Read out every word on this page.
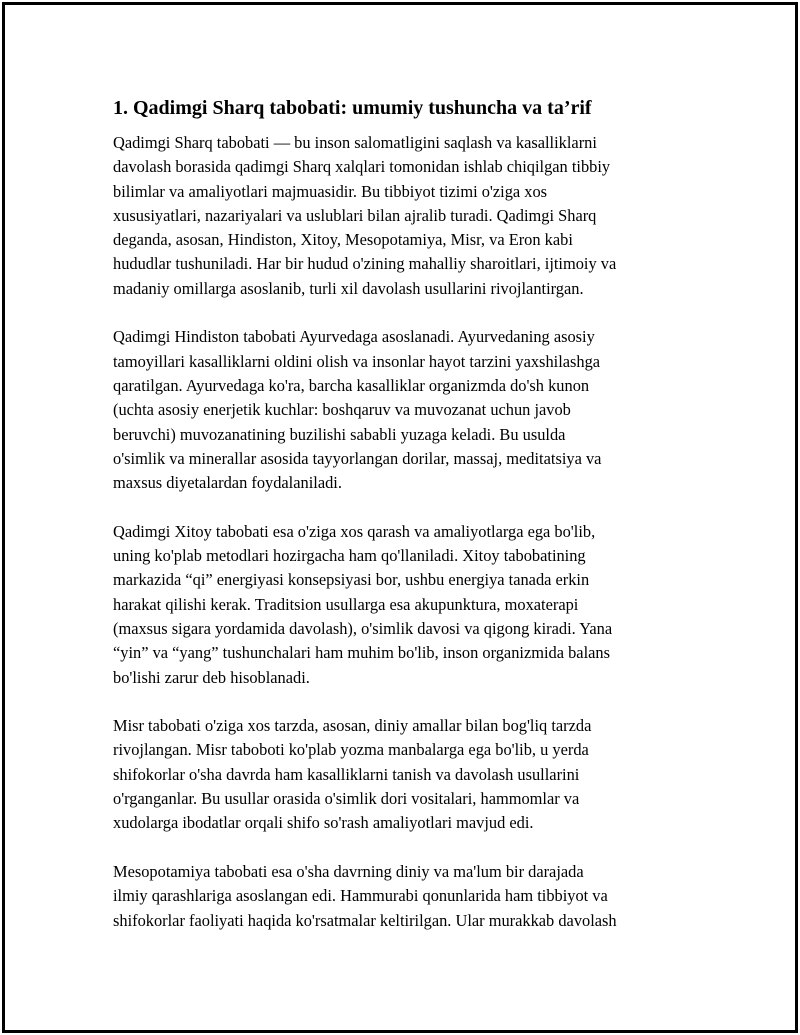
1. Qadimgi Sharq tabobati: umumiy tushuncha va ta’rif
Qadimgi Sharq tabobati — bu inson salomatligini saqlash va kasalliklarni
davolash borasida qadimgi Sharq xalqlari tomonidan ishlab chiqilgan tibbiy
bilimlar va amaliyotlari majmuasidir. Bu tibbiyot tizimi o'ziga xos
xususiyatlari, nazariyalari va uslublari bilan ajralib turadi. Qadimgi Sharq
deganda, asosan, Hindiston, Xitoy, Mesopotamiya, Misr, va Eron kabi
hududlar tushuniladi. Har bir hudud o'zining mahalliy sharoitlari, ijtimoiy va
madaniy omillarga asoslanib, turli xil davolash usullarini rivojlantirgan.
Qadimgi Hindiston tabobati Ayurvedaga asoslanadi. Ayurvedaning asosiy
tamoyillari kasalliklarni oldini olish va insonlar hayot tarzini yaxshilashga
qaratilgan. Ayurvedaga ko'ra, barcha kasalliklar organizmda do'sh kunon
(uchta asosiy enerjetik kuchlar: boshqaruv va muvozanat uchun javob
beruvchi) muvozanatining buzilishi sababli yuzaga keladi. Bu usulda
o'simlik va minerallar asosida tayyorlangan dorilar, massaj, meditatsiya va
maxsus diyetalardan foydalaniladi.
Qadimgi Xitoy tabobati esa o'ziga xos qarash va amaliyotlarga ega bo'lib,
uning ko'plab metodlari hozirgacha ham qo'llaniladi. Xitoy tabobatining
markazida “qi” energiyasi konsepsiyasi bor, ushbu energiya tanada erkin
harakat qilishi kerak. Traditsion usullarga esa akupunktura, moxaterapi
(maxsus sigara yordamida davolash), o'simlik davosi va qigong kiradi. Yana
“yin” va “yang” tushunchalari ham muhim bo'lib, inson organizmida balans
bo'lishi zarur deb hisoblanadi.
Misr tabobati o'ziga xos tarzda, asosan, diniy amallar bilan bog'liq tarzda
rivojlangan. Misr taboboti ko'plab yozma manbalarga ega bo'lib, u yerda
shifokorlar o'sha davrda ham kasalliklarni tanish va davolash usullarini
o'rganganlar. Bu usullar orasida o'simlik dori vositalari, hammomlar va
xudolarga ibodatlar orqali shifo so'rash amaliyotlari mavjud edi.
Mesopotamiya tabobati esa o'sha davrning diniy va ma'lum bir darajada
ilmiy qarashlariga asoslangan edi. Hammurabi qonunlarida ham tibbiyot va
shifokorlar faoliyati haqida ko'rsatmalar keltirilgan. Ular murakkab davolash
